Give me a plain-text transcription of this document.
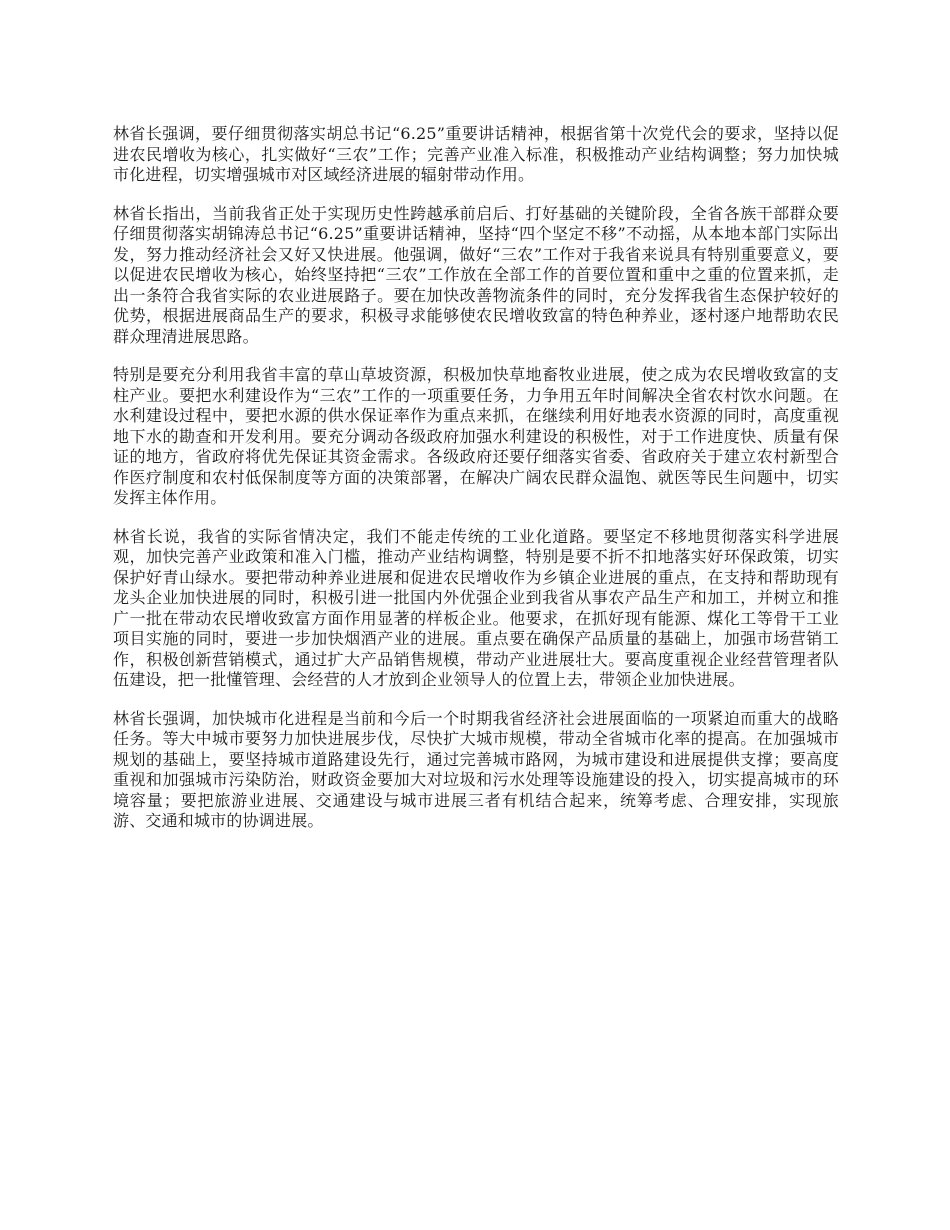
林省长强调，要仔细贯彻落实胡总书记“6.25”重要讲话精神，根据省第十次党代会的要求，坚持以促进农民增收为核心，扎实做好“三农”工作；完善产业准入标准，积极推动产业结构调整；努力加快城市化进程，切实增强城市对区域经济进展的辐射带动作用。

林省长指出，当前我省正处于实现历史性跨越承前启后、打好基础的关键阶段，全省各族干部群众要仔细贯彻落实胡锦涛总书记“6.25”重要讲话精神，坚持“四个坚定不移”不动摇，从本地本部门实际出发，努力推动经济社会又好又快进展。他强调，做好“三农”工作对于我省来说具有特别重要意义，要以促进农民增收为核心，始终坚持把“三农”工作放在全部工作的首要位置和重中之重的位置来抓，走出一条符合我省实际的农业进展路子。要在加快改善物流条件的同时，充分发挥我省生态保护较好的优势，根据进展商品生产的要求，积极寻求能够使农民增收致富的特色种养业，逐村逐户地帮助农民群众理清进展思路。

特别是要充分利用我省丰富的草山草坡资源，积极加快草地畜牧业进展，使之成为农民增收致富的支柱产业。要把水利建设作为“三农”工作的一项重要任务，力争用五年时间解决全省农村饮水问题。在水利建设过程中，要把水源的供水保证率作为重点来抓，在继续利用好地表水资源的同时，高度重视地下水的勘查和开发利用。要充分调动各级政府加强水利建设的积极性，对于工作进度快、质量有保证的地方，省政府将优先保证其资金需求。各级政府还要仔细落实省委、省政府关于建立农村新型合作医疗制度和农村低保制度等方面的决策部署，在解决广阔农民群众温饱、就医等民生问题中，切实发挥主体作用。

林省长说，我省的实际省情决定，我们不能走传统的工业化道路。要坚定不移地贯彻落实科学进展观，加快完善产业政策和准入门槛，推动产业结构调整，特别是要不折不扣地落实好环保政策，切实保护好青山绿水。要把带动种养业进展和促进农民增收作为乡镇企业进展的重点，在支持和帮助现有龙头企业加快进展的同时，积极引进一批国内外优强企业到我省从事农产品生产和加工，并树立和推广一批在带动农民增收致富方面作用显著的样板企业。他要求，在抓好现有能源、煤化工等骨干工业项目实施的同时，要进一步加快烟酒产业的进展。重点要在确保产品质量的基础上，加强市场营销工作，积极创新营销模式，通过扩大产品销售规模，带动产业进展壮大。要高度重视企业经营管理者队伍建设，把一批懂管理、会经营的人才放到企业领导人的位置上去，带领企业加快进展。

林省长强调，加快城市化进程是当前和今后一个时期我省经济社会进展面临的一项紧迫而重大的战略任务。等大中城市要努力加快进展步伐，尽快扩大城市规模，带动全省城市化率的提高。在加强城市规划的基础上，要坚持城市道路建设先行，通过完善城市路网，为城市建设和进展提供支撑；要高度重视和加强城市污染防治，财政资金要加大对垃圾和污水处理等设施建设的投入，切实提高城市的环境容量；要把旅游业进展、交通建设与城市进展三者有机结合起来，统筹考虑、合理安排，实现旅游、交通和城市的协调进展。
